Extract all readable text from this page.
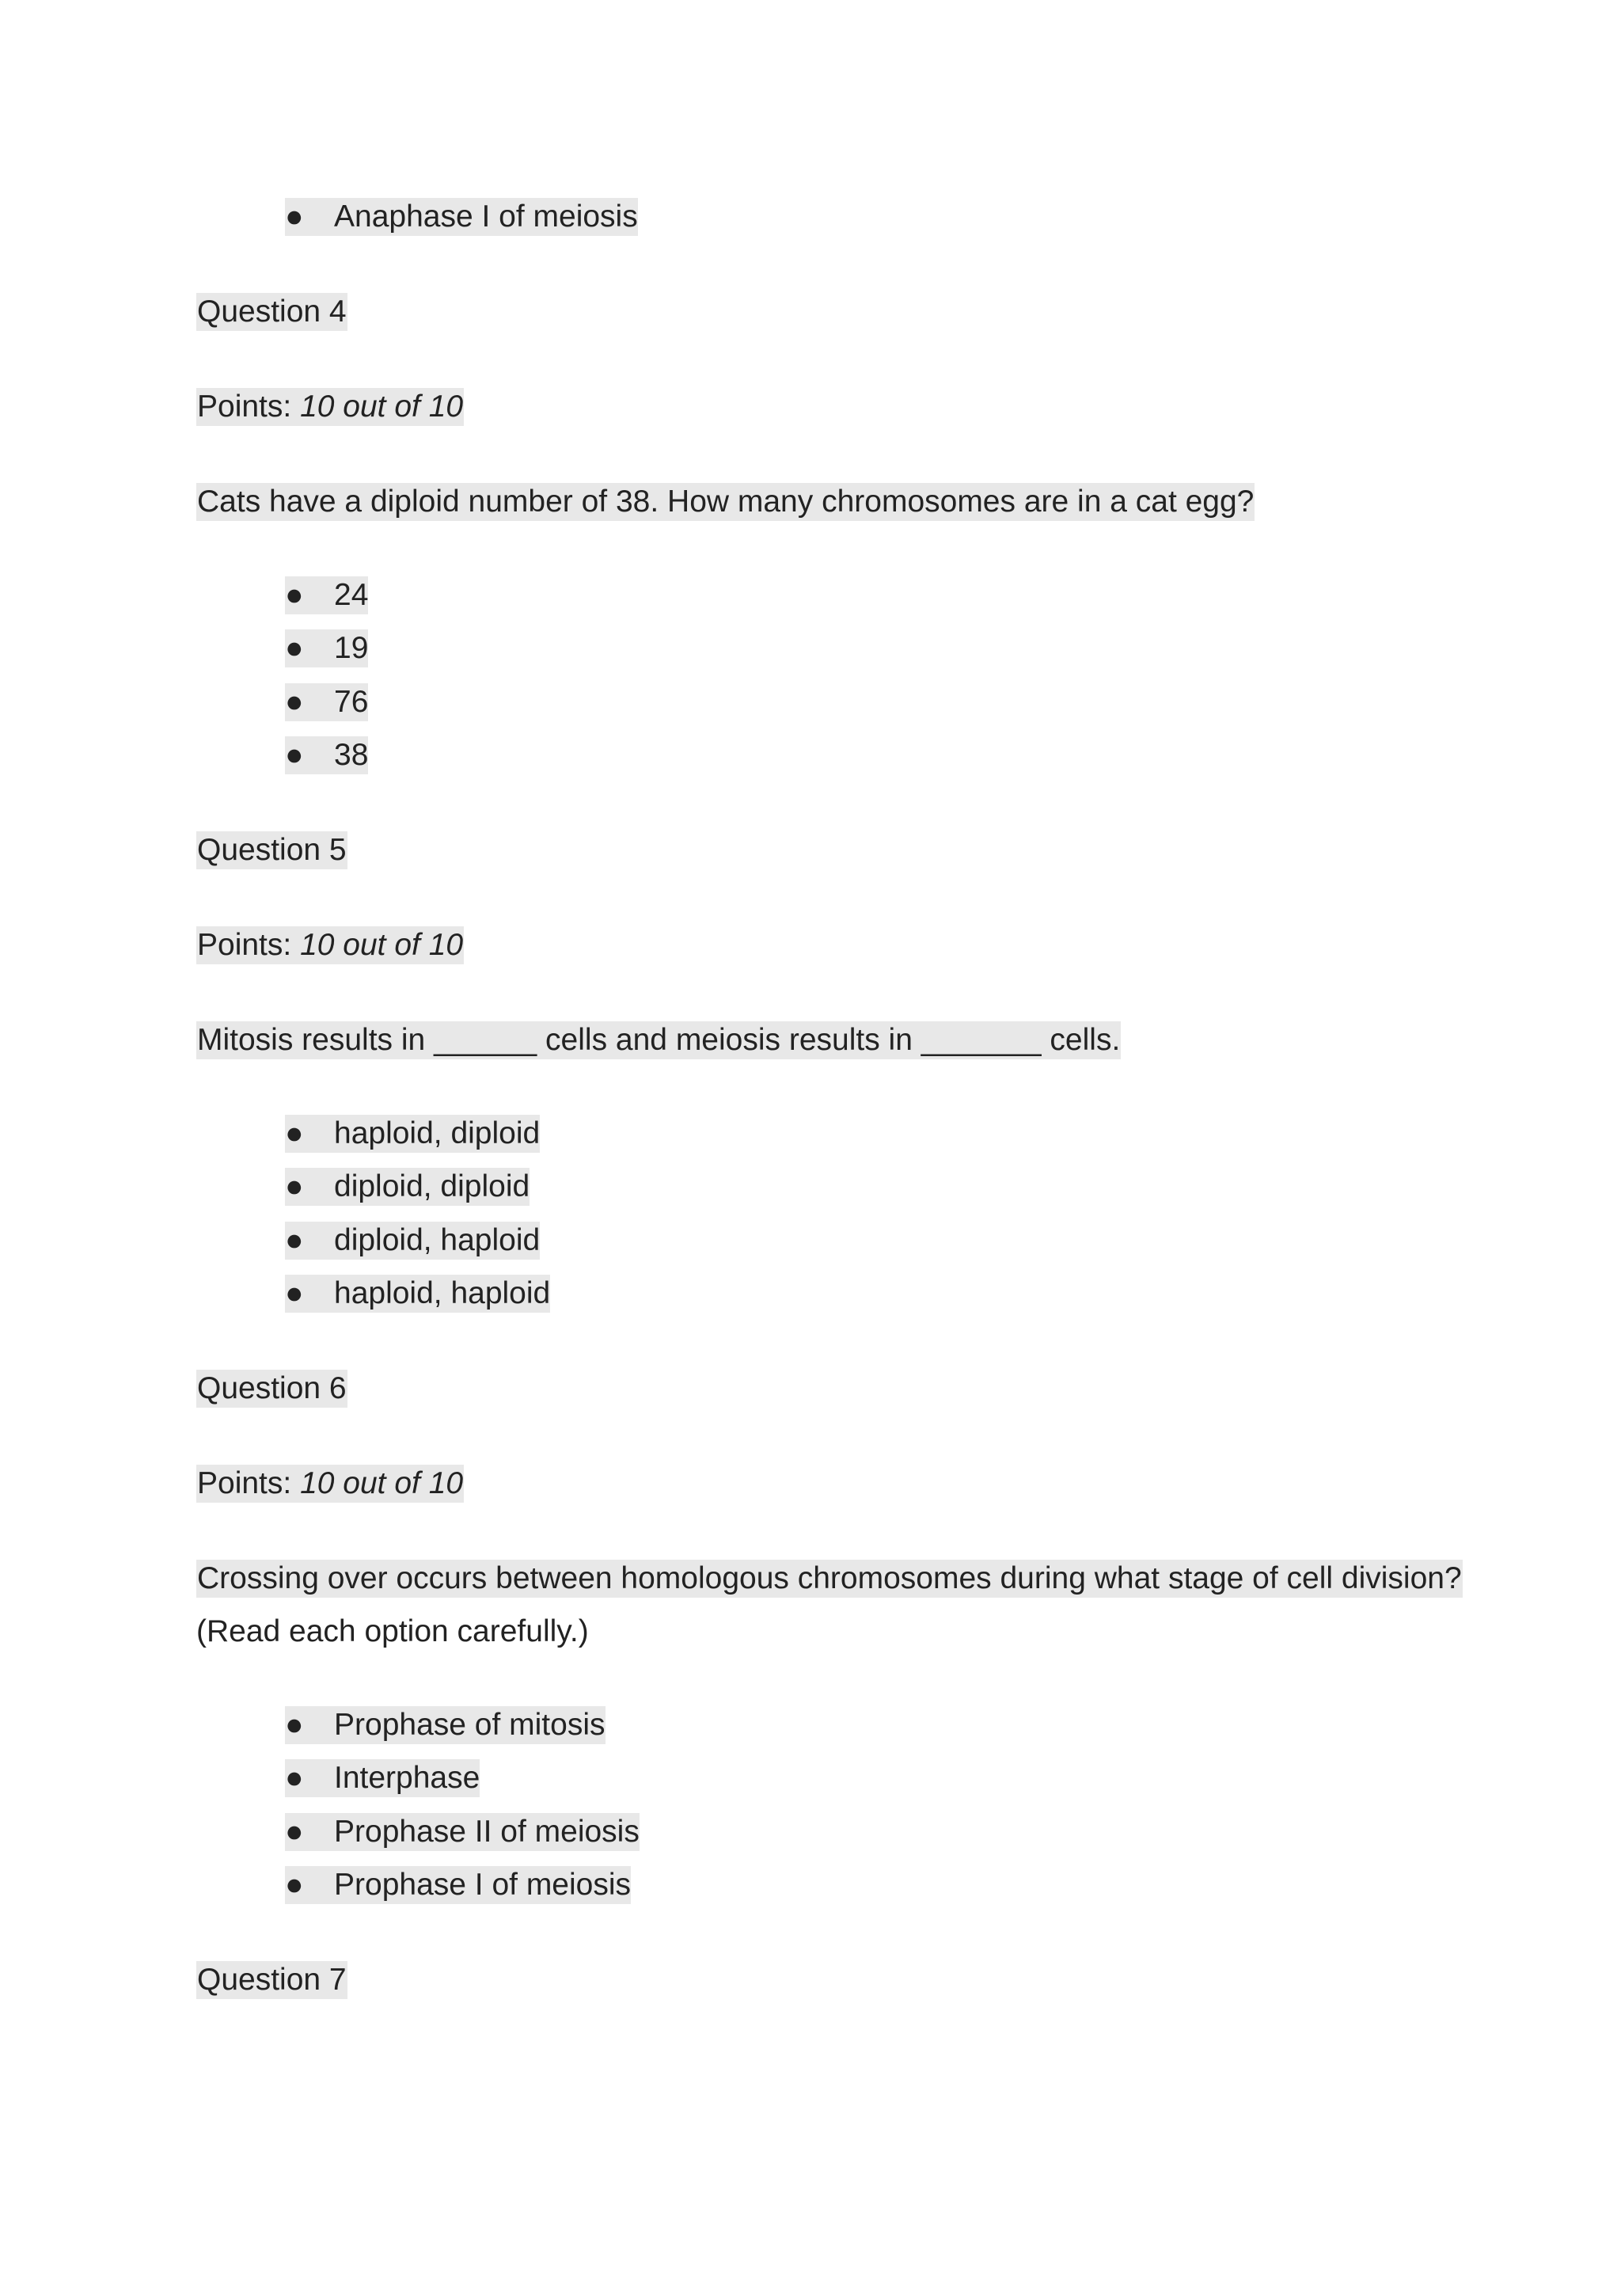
● Anaphase I of meiosis
Question 4
Points: 10 out of 10
Cats have a diploid number of 38. How many chromosomes are in a cat egg?
● 24
● 19
● 76
● 38
Question 5
Points: 10 out of 10
Mitosis results in ______ cells and meiosis results in _______ cells.
● haploid, diploid
● diploid, diploid
● diploid, haploid
● haploid, haploid
Question 6
Points: 10 out of 10
Crossing over occurs between homologous chromosomes during what stage of cell division?
(Read each option carefully.)
● Prophase of mitosis
● Interphase
● Prophase II of meiosis
● Prophase I of meiosis
Question 7
